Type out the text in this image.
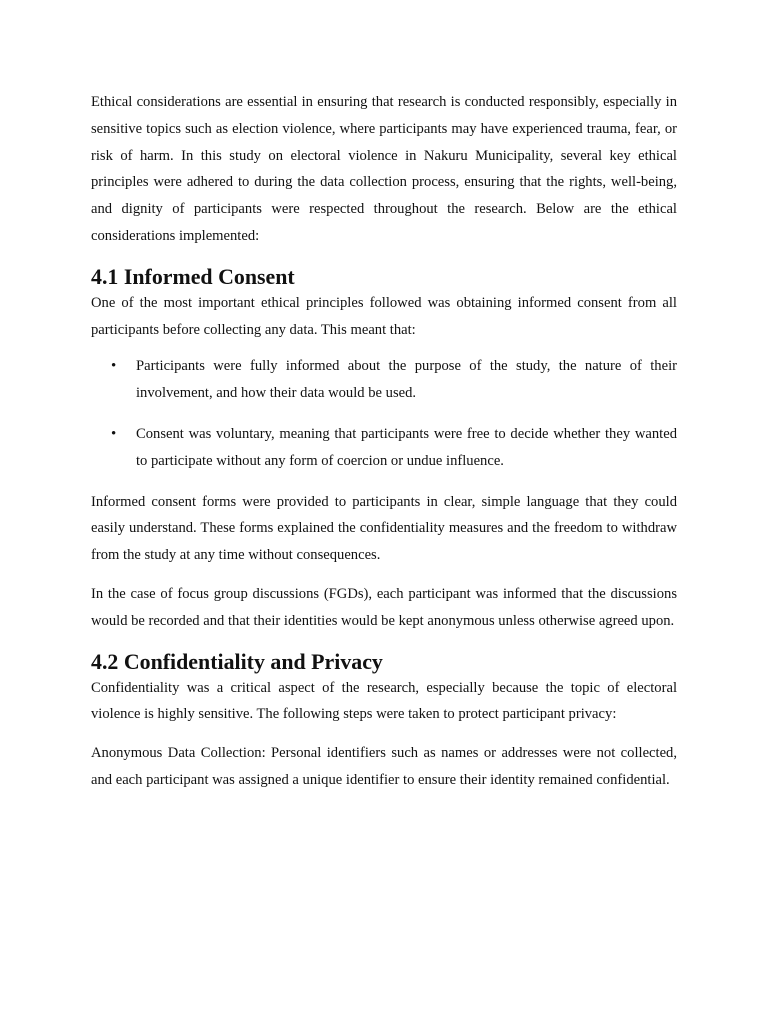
Ethical considerations are essential in ensuring that research is conducted responsibly, especially in sensitive topics such as election violence, where participants may have experienced trauma, fear, or risk of harm. In this study on electoral violence in Nakuru Municipality, several key ethical principles were adhered to during the data collection process, ensuring that the rights, well-being, and dignity of participants were respected throughout the research. Below are the ethical considerations implemented:

4.1 Informed Consent

One of the most important ethical principles followed was obtaining informed consent from all participants before collecting any data. This meant that:

• Participants were fully informed about the purpose of the study, the nature of their involvement, and how their data would be used.
• Consent was voluntary, meaning that participants were free to decide whether they wanted to participate without any form of coercion or undue influence.

Informed consent forms were provided to participants in clear, simple language that they could easily understand. These forms explained the confidentiality measures and the freedom to withdraw from the study at any time without consequences.

In the case of focus group discussions (FGDs), each participant was informed that the discussions would be recorded and that their identities would be kept anonymous unless otherwise agreed upon.

4.2 Confidentiality and Privacy

Confidentiality was a critical aspect of the research, especially because the topic of electoral violence is highly sensitive. The following steps were taken to protect participant privacy:

Anonymous Data Collection: Personal identifiers such as names or addresses were not collected, and each participant was assigned a unique identifier to ensure their identity remained confidential.
